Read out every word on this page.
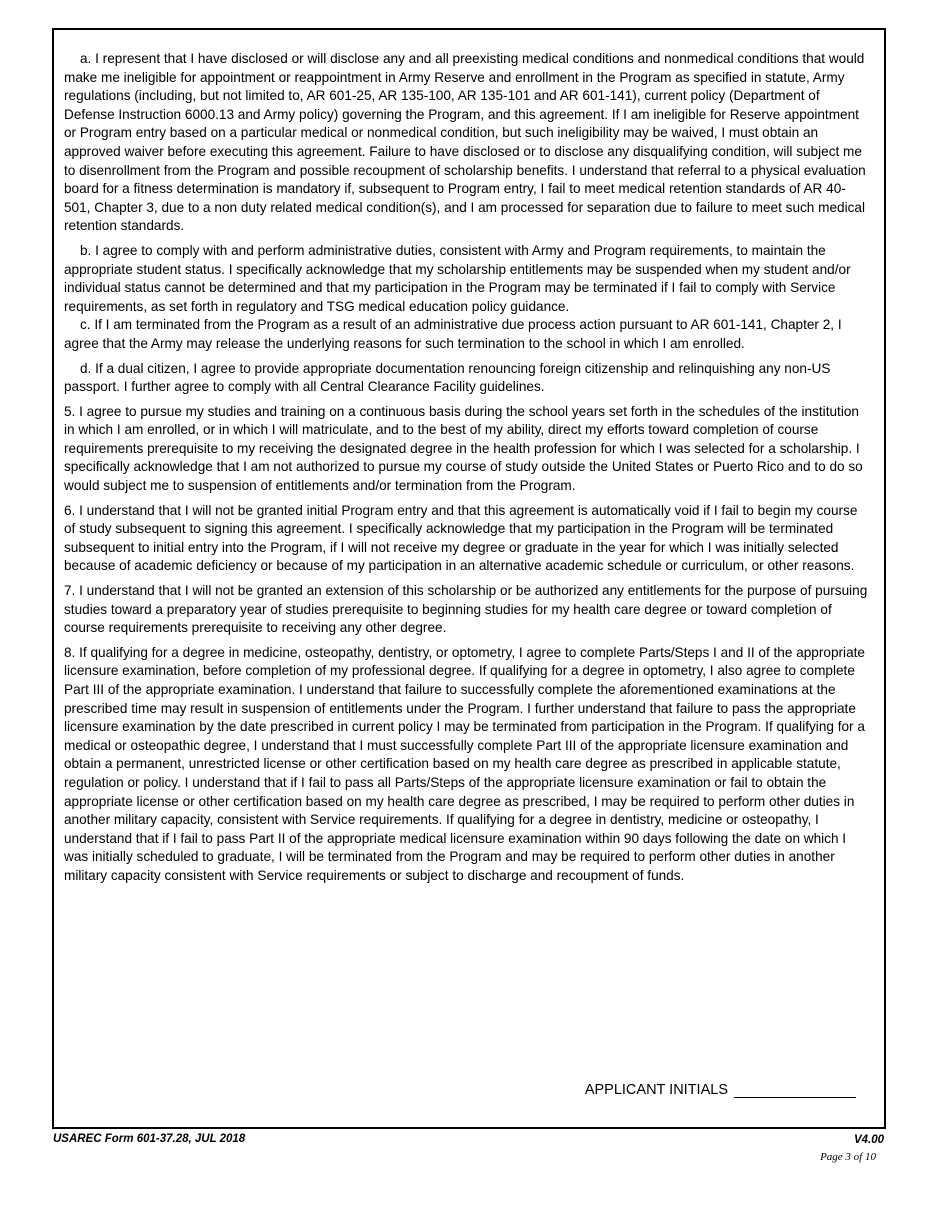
a. I represent that I have disclosed or will disclose any and all preexisting medical conditions and nonmedical conditions that would make me ineligible for appointment or reappointment in Army Reserve and enrollment in the Program as specified in statute, Army regulations (including, but not limited to, AR 601-25, AR 135-100, AR 135-101 and AR 601-141), current policy (Department of Defense Instruction 6000.13 and Army policy) governing the Program, and this agreement. If I am ineligible for Reserve appointment or Program entry based on a particular medical or nonmedical condition, but such ineligibility may be waived, I must obtain an approved waiver before executing this agreement. Failure to have disclosed or to disclose any disqualifying condition, will subject me to disenrollment from the Program and possible recoupment of scholarship benefits. I understand that referral to a physical evaluation board for a fitness determination is mandatory if, subsequent to Program entry, I fail to meet medical retention standards of AR 40-501, Chapter 3, due to a non duty related medical condition(s), and I am processed for separation due to failure to meet such medical retention standards.

b. I agree to comply with and perform administrative duties, consistent with Army and Program requirements, to maintain the appropriate student status. I specifically acknowledge that my scholarship entitlements may be suspended when my student and/or individual status cannot be determined and that my participation in the Program may be terminated if I fail to comply with Service requirements, as set forth in regulatory and TSG medical education policy guidance.

c. If I am terminated from the Program as a result of an administrative due process action pursuant to AR 601-141, Chapter 2, I agree that the Army may release the underlying reasons for such termination to the school in which I am enrolled.

d. If a dual citizen, I agree to provide appropriate documentation renouncing foreign citizenship and relinquishing any non-US passport. I further agree to comply with all Central Clearance Facility guidelines.

5. I agree to pursue my studies and training on a continuous basis during the school years set forth in the schedules of the institution in which I am enrolled, or in which I will matriculate, and to the best of my ability, direct my efforts toward completion of course requirements prerequisite to my receiving the designated degree in the health profession for which I was selected for a scholarship. I specifically acknowledge that I am not authorized to pursue my course of study outside the United States or Puerto Rico and to do so would subject me to suspension of entitlements and/or termination from the Program.

6. I understand that I will not be granted initial Program entry and that this agreement is automatically void if I fail to begin my course of study subsequent to signing this agreement. I specifically acknowledge that my participation in the Program will be terminated subsequent to initial entry into the Program, if I will not receive my degree or graduate in the year for which I was initially selected because of academic deficiency or because of my participation in an alternative academic schedule or curriculum, or other reasons.

7. I understand that I will not be granted an extension of this scholarship or be authorized any entitlements for the purpose of pursuing studies toward a preparatory year of studies prerequisite to beginning studies for my health care degree or toward completion of course requirements prerequisite to receiving any other degree.

8. If qualifying for a degree in medicine, osteopathy, dentistry, or optometry, I agree to complete Parts/Steps I and II of the appropriate licensure examination, before completion of my professional degree. If qualifying for a degree in optometry, I also agree to complete Part III of the appropriate examination. I understand that failure to successfully complete the aforementioned examinations at the prescribed time may result in suspension of entitlements under the Program. I further understand that failure to pass the appropriate licensure examination by the date prescribed in current policy I may be terminated from participation in the Program. If qualifying for a medical or osteopathic degree, I understand that I must successfully complete Part III of the appropriate licensure examination and obtain a permanent, unrestricted license or other certification based on my health care degree as prescribed in applicable statute, regulation or policy. I understand that if I fail to pass all Parts/Steps of the appropriate licensure examination or fail to obtain the appropriate license or other certification based on my health care degree as prescribed, I may be required to perform other duties in another military capacity, consistent with Service requirements. If qualifying for a degree in dentistry, medicine or osteopathy, I understand that if I fail to pass Part II of the appropriate medical licensure examination within 90 days following the date on which I was initially scheduled to graduate, I will be terminated from the Program and may be required to perform other duties in another military capacity consistent with Service requirements or subject to discharge and recoupment of funds.

APPLICANT INITIALS
USAREC Form 601-37.28, JUL 2018	V4.00
Page 3 of 10
